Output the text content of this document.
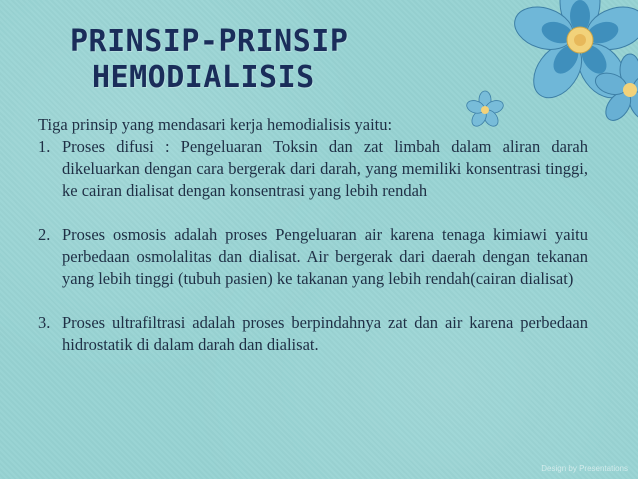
PRINSIP-PRINSIP
HEMODIALISIS

Tiga prinsip yang mendasari kerja hemodialisis yaitu:

1. Proses difusi : Pengeluaran Toksin dan zat limbah dalam aliran darah dikeluarkan dengan cara bergerak dari darah, yang memiliki konsentrasi tinggi, ke cairan dialisat dengan konsentrasi yang lebih rendah
2. Proses osmosis adalah proses Pengeluaran air karena tenaga kimiawi yaitu perbedaan osmolalitas dan dialisat. Air bergerak dari daerah dengan tekanan yang lebih tinggi (tubuh pasien) ke takanan yang lebih rendah(cairan dialisat)
3. Proses ultrafiltrasi adalah proses berpindahnya zat dan air karena perbedaan hidrostatik di dalam darah dan dialisat.
Design by Presentations
